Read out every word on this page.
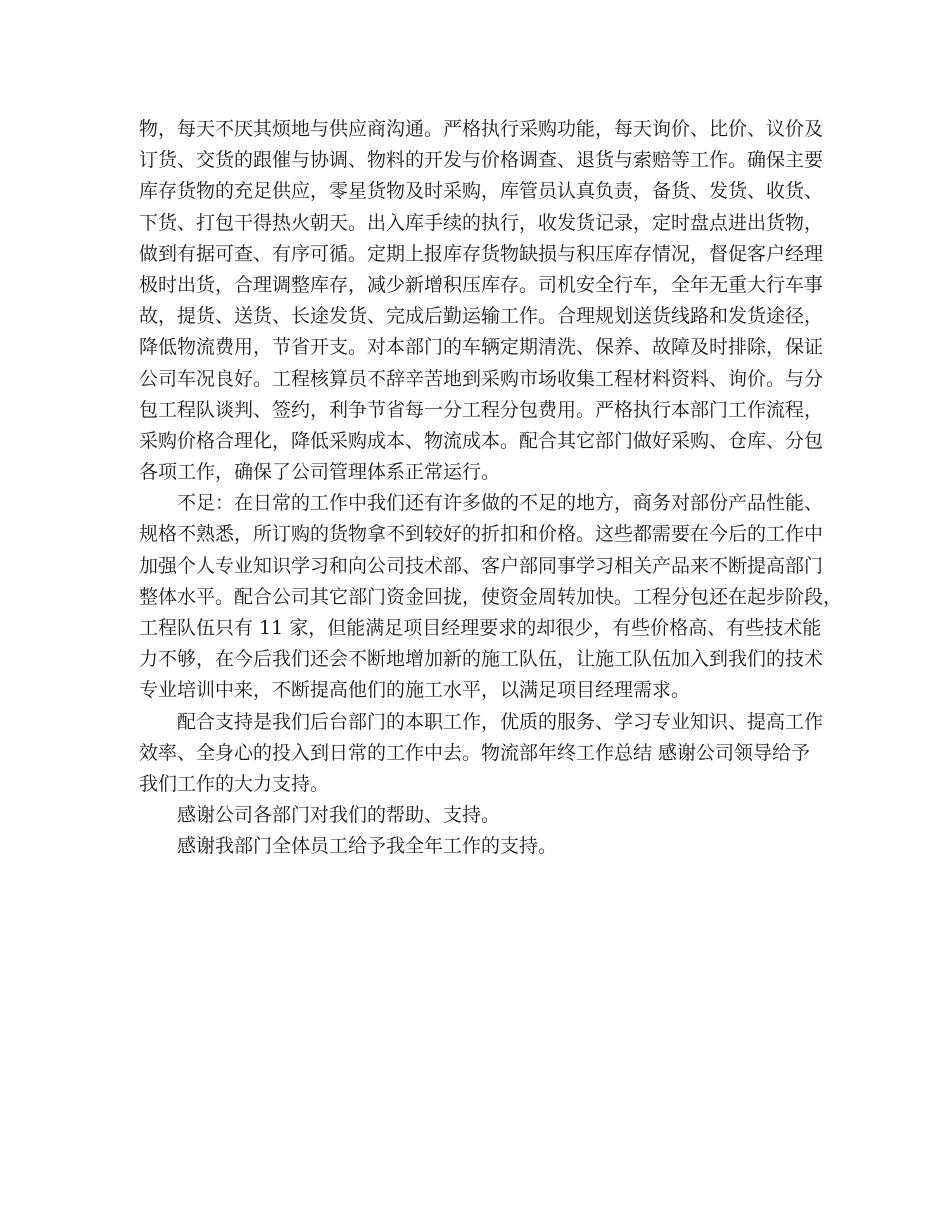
物，每天不厌其烦地与供应商沟通。严格执行采购功能，每天询价、比价、议价及
订货、交货的跟催与协调、物料的开发与价格调查、退货与索赔等工作。确保主要
库存货物的充足供应，零星货物及时采购，库管员认真负责，备货、发货、收货、
下货、打包干得热火朝天。出入库手续的执行，收发货记录，定时盘点进出货物，
做到有据可查、有序可循。定期上报库存货物缺损与积压库存情况，督促客户经理
极时出货，合理调整库存，减少新增积压库存。司机安全行车，全年无重大行车事
故，提货、送货、长途发货、完成后勤运输工作。合理规划送货线路和发货途径，
降低物流费用，节省开支。对本部门的车辆定期清洗、保养、故障及时排除，保证
公司车况良好。工程核算员不辞辛苦地到采购市场收集工程材料资料、询价。与分
包工程队谈判、签约，利争节省每一分工程分包费用。严格执行本部门工作流程，
采购价格合理化，降低采购成本、物流成本。配合其它部门做好采购、仓库、分包
各项工作，确保了公司管理体系正常运行。
不足：在日常的工作中我们还有许多做的不足的地方，商务对部份产品性能、
规格不熟悉，所订购的货物拿不到较好的折扣和价格。这些都需要在今后的工作中
加强个人专业知识学习和向公司技术部、客户部同事学习相关产品来不断提高部门
整体水平。配合公司其它部门资金回拢，使资金周转加快。工程分包还在起步阶段，
工程队伍只有 11 家，但能满足项目经理要求的却很少，有些价格高、有些技术能
力不够，在今后我们还会不断地增加新的施工队伍，让施工队伍加入到我们的技术
专业培训中来，不断提高他们的施工水平，以满足项目经理需求。
配合支持是我们后台部门的本职工作，优质的服务、学习专业知识、提高工作
效率、全身心的投入到日常的工作中去。物流部年终工作总结 感谢公司领导给予
我们工作的大力支持。
感谢公司各部门对我们的帮助、支持。
感谢我部门全体员工给予我全年工作的支持。
